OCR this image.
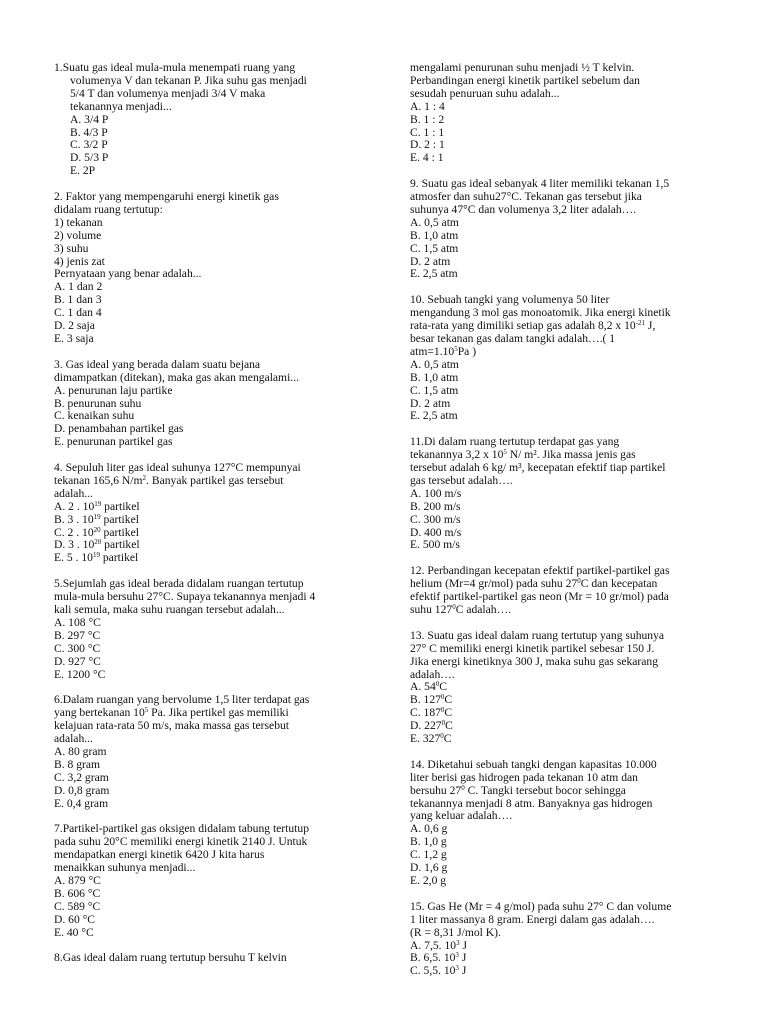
1.Suatu gas ideal mula-mula menempati ruang yang
volumenya V dan tekanan P. Jika suhu gas menjadi
5/4 T dan volumenya menjadi 3/4 V maka
tekanannya menjadi...
A. 3/4 P
B. 4/3 P
C. 3/2 P
D. 5/3 P
E. 2P
2. Faktor yang mempengaruhi energi kinetik gas
didalam ruang tertutup:
1) tekanan
2) volume
3) suhu
4) jenis zat
Pernyataan yang benar adalah...
A. 1 dan 2
B. 1 dan 3
C. 1 dan 4
D. 2 saja
E. 3 saja
3. Gas ideal yang berada dalam suatu bejana
dimampatkan (ditekan), maka gas akan mengalami...
A. penurunan laju partike
B. penurunan suhu
C. kenaikan suhu
D. penambahan partikel gas
E. penurunan partikel gas
4. Sepuluh liter gas ideal suhunya 127°C mempunyai
tekanan 165,6 $N/m^2$. Banyak partikel gas tersebut
adalah...
A. 2 . $10^{19}$ partikel
B. 3 . $10^{19}$ partikel
C. 2 . $10^{20}$ partikel
D. 3 . $10^{20}$ partikel
E. 5 . $10^{19}$ partikel
5.Sejumlah gas ideal berada didalam ruangan tertutup
mula-mula bersuhu 27°C. Supaya tekanannya menjadi 4
kali semula, maka suhu ruangan tersebut adalah...
A. 108 °C
B. 297 °C
C. 300 °C
D. 927 °C
E. 1200 °C
6.Dalam ruangan yang bervolume 1,5 liter terdapat gas
yang bertekanan $10^5$ Pa. Jika pertikel gas memiliki
kelajuan rata-rata 50 m/s, maka massa gas tersebut
adalah...
A. 80 gram
B. 8 gram
C. 3,2 gram
D. 0,8 gram
E. 0,4 gram
7.Partikel-partikel gas oksigen didalam tabung tertutup
pada suhu 20°C memiliki energi kinetik 2140 J. Untuk
mendapatkan energi kinetik 6420 J kita harus
menaikkan suhunya menjadi...
A. 879 °C
B. 606 °C
C. 589 °C
D. 60 °C
E. 40 °C
8.Gas ideal dalam ruang tertutup bersuhu T kelvin
mengalami penurunan suhu menjadi ½ T kelvin.
Perbandingan energi kinetik partikel sebelum dan
sesudah penuruan suhu adalah...
A. 1 : 4
B. 1 : 2
C. 1 : 1
D. 2 : 1
E. 4 : 1
9. Suatu gas ideal sebanyak 4 liter memiliki tekanan 1,5
atmosfer dan suhu27°C. Tekanan gas tersebut jika
suhunya 47°C dan volumenya 3,2 liter adalah….
A. 0,5 atm
B. 1,0 atm
C. 1,5 atm
D. 2 atm
E. 2,5 atm
10. Sebuah tangki yang volumenya 50 liter
mengandung 3 mol gas monoatomik. Jika energi kinetik
rata-rata yang dimiliki setiap gas adalah 8,2 x $10^{-21}$ J,
besar tekanan gas dalam tangki adalah….( 1
$atm=1.10^5Pa$ )
A. 0,5 atm
B. 1,0 atm
C. 1,5 atm
D. 2 atm
E. 2,5 atm
11.Di dalam ruang tertutup terdapat gas yang
tekanannya 3,2 x $10^5$ N/ m². Jika massa jenis gas
tersebut adalah 6 kg/ m³, kecepatan efektif tiap partikel
gas tersebut adalah….
A. 100 m/s
B. 200 m/s
C. 300 m/s
D. 400 m/s
E. 500 m/s
12. Perbandingan kecepatan efektif partikel-partikel gas
helium (Mr=4 gr/mol) pada suhu $27^0C$ dan kecepatan
efektif partikel-partikel gas neon (Mr = 10 gr/mol) pada
suhu $127^0C$ adalah….
13. Suatu gas ideal dalam ruang tertutup yang suhunya
27° C memiliki energi kinetik partikel sebesar 150 J.
Jika energi kinetiknya 300 J, maka suhu gas sekarang
adalah….
A. $54^0C$
B. $127^0C$
C. $187^0C$
D. $227^0C$
E. $327^0C$
14. Diketahui sebuah tangki dengan kapasitas 10.000
liter berisi gas hidrogen pada tekanan 10 atm dan
bersuhu $27^0$ C. Tangki tersebut bocor sehingga
tekanannya menjadi 8 atm. Banyaknya gas hidrogen
yang keluar adalah….
A. 0,6 g
B. 1,0 g
C. 1,2 g
D. 1,6 g
E. 2,0 g
15. Gas He (Mr = 4 g/mol) pada suhu 27° C dan volume
1 liter massanya 8 gram. Energi dalam gas adalah….
(R = 8,31 J/mol K).
A. 7,5. $10^3$ J
B. 6,5. $10^3$ J
C. 5,5. $10^3$ J
